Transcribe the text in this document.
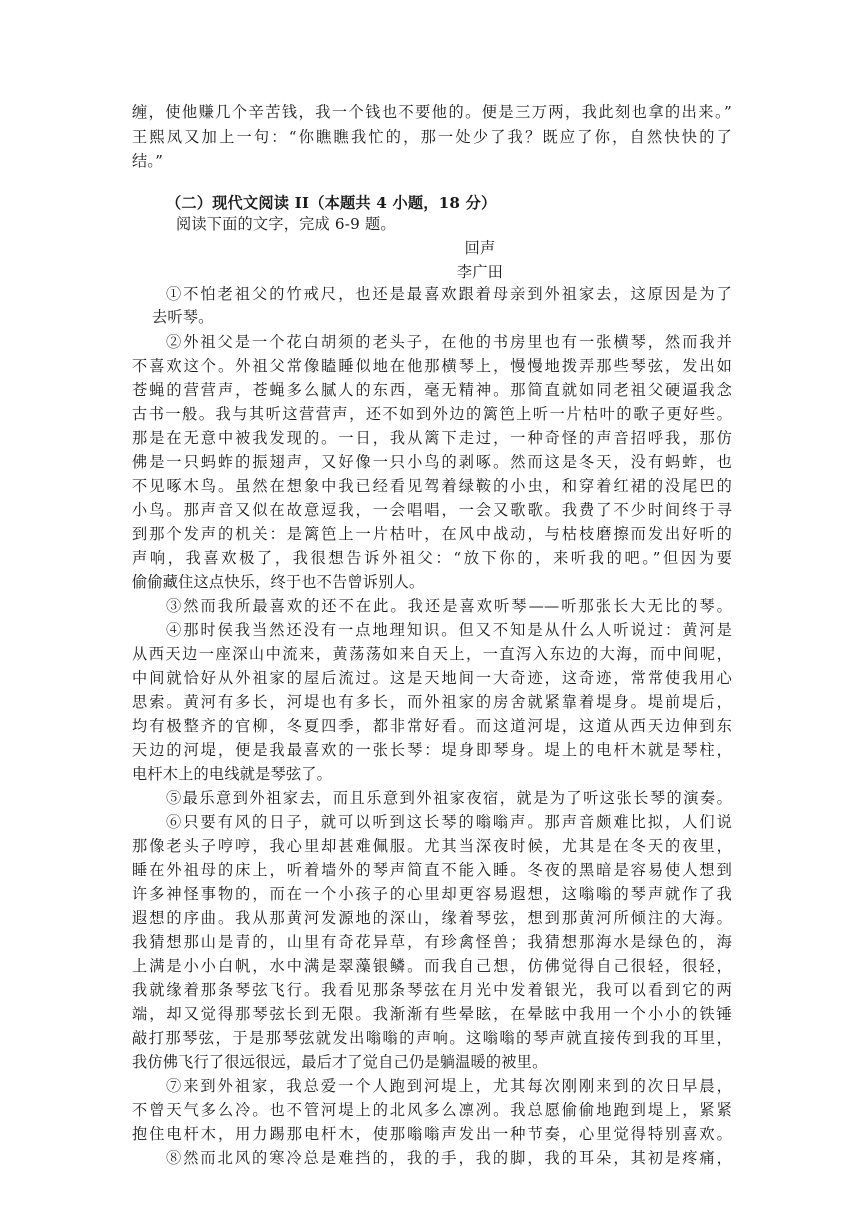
缠，使他赚几个辛苦钱，我一个钱也不要他的。便是三万两，我此刻也拿的出来。”
王熙凤又加上一句：“你瞧瞧我忙的，那一处少了我？既应了你，自然快快的了
结。”
（二）现代文阅读 II（本题共 4 小题，18 分）
阅读下面的文字，完成 6-9 题。
回声
李广田
①不怕老祖父的竹戒尺，也还是最喜欢跟着母亲到外祖家去，这原因是为了
去听琴。
②外祖父是一个花白胡须的老头子，在他的书房里也有一张横琴，然而我并
不喜欢这个。外祖父常像瞌睡似地在他那横琴上，慢慢地拨弄那些琴弦，发出如
苍蝇的营营声，苍蝇多么腻人的东西，毫无精神。那简直就如同老祖父硬逼我念
古书一般。我与其听这营营声，还不如到外边的篱笆上听一片枯叶的歌子更好些。
那是在无意中被我发现的。一日，我从篱下走过，一种奇怪的声音招呼我，那仿
佛是一只蚂蚱的振翅声，又好像一只小鸟的剥啄。然而这是冬天，没有蚂蚱，也
不见啄木鸟。虽然在想象中我已经看见驾着绿鞍的小虫，和穿着红裙的没尾巴的
小鸟。那声音又似在故意逗我，一会唱唱，一会又歌歌。我费了不少时间终于寻
到那个发声的机关：是篱笆上一片枯叶，在风中战动，与枯枝磨擦而发出好听的
声响，我喜欢极了，我很想告诉外祖父：“放下你的，来听我的吧。”但因为要
偷偷藏住这点快乐，终于也不告曾诉别人。
③然而我所最喜欢的还不在此。我还是喜欢听琴——听那张长大无比的琴。
④那时侯我当然还没有一点地理知识。但又不知是从什么人听说过：黄河是
从西天边一座深山中流来，黄荡荡如来自天上，一直泻入东边的大海，而中间呢，
中间就恰好从外祖家的屋后流过。这是天地间一大奇迹，这奇迹，常常使我用心
思索。黄河有多长，河堤也有多长，而外祖家的房舍就紧靠着堤身。堤前堤后，
均有极整齐的官柳，冬夏四季，都非常好看。而这道河堤，这道从西天边伸到东
天边的河堤，便是我最喜欢的一张长琴：堤身即琴身。堤上的电杆木就是琴柱，
电杆木上的电线就是琴弦了。
⑤最乐意到外祖家去，而且乐意到外祖家夜宿，就是为了听这张长琴的演奏。
⑥只要有风的日子，就可以听到这长琴的嗡嗡声。那声音颇难比拟，人们说
那像老头子哼哼，我心里却甚难佩服。尤其当深夜时候，尤其是在冬天的夜里，
睡在外祖母的床上，听着墙外的琴声简直不能入睡。冬夜的黑暗是容易使人想到
许多神怪事物的，而在一个小孩子的心里却更容易遐想，这嗡嗡的琴声就作了我
遐想的序曲。我从那黄河发源地的深山，缘着琴弦，想到那黄河所倾注的大海。
我猜想那山是青的，山里有奇花异草，有珍禽怪兽；我猜想那海水是绿色的，海
上满是小小白帆，水中满是翠藻银鳞。而我自己想，仿佛觉得自己很轻，很轻，
我就缘着那条琴弦飞行。我看见那条琴弦在月光中发着银光，我可以看到它的两
端，却又觉得那琴弦长到无限。我渐渐有些晕眩，在晕眩中我用一个小小的铁锤
敲打那琴弦，于是那琴弦就发出嗡嗡的声响。这嗡嗡的琴声就直接传到我的耳里，
我仿佛飞行了很远很远，最后才了觉自己仍是躺温暖的被里。
⑦来到外祖家，我总爱一个人跑到河堤上，尤其每次刚刚来到的次日早晨，
不曾天气多么冷。也不管河堤上的北风多么凛冽。我总愿偷偷地跑到堤上，紧紧
抱住电杆木，用力踢那电杆木，使那嗡嗡声发出一种节奏，心里觉得特别喜欢。
⑧然而北风的寒冷总是难挡的，我的手，我的脚，我的耳朵，其初是疼痛，
